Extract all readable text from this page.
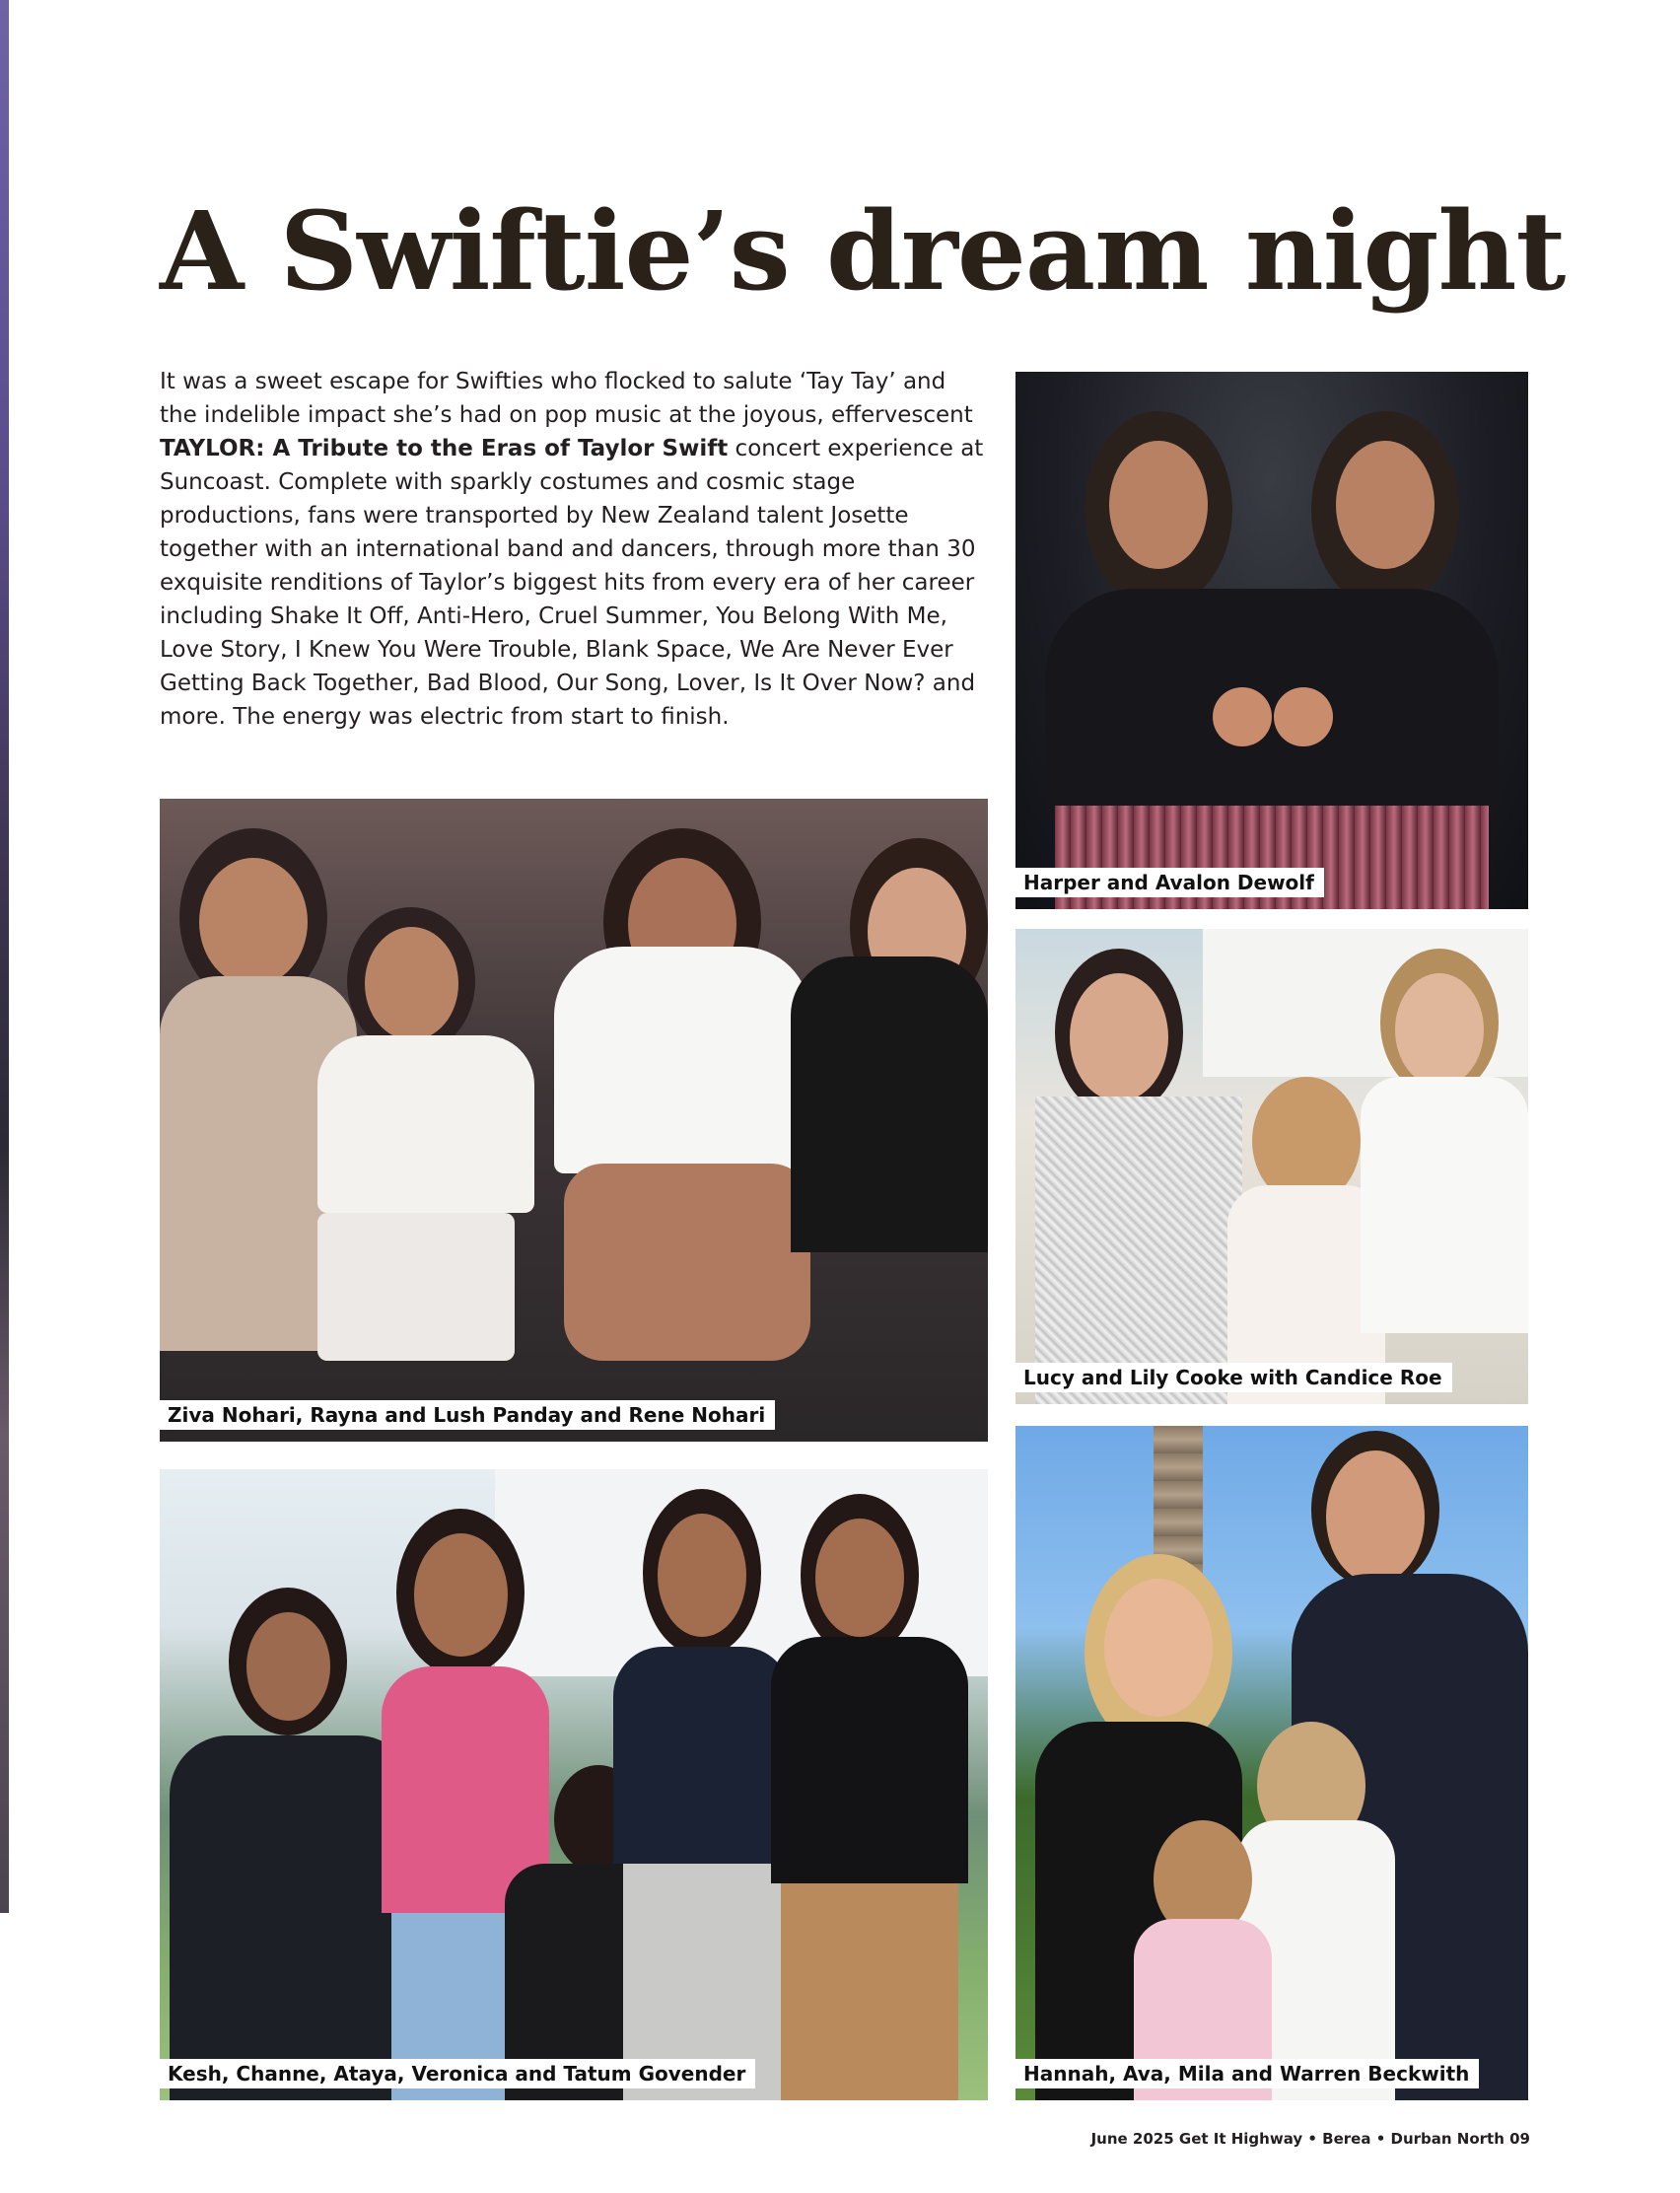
A Swiftie’s dream night

It was a sweet escape for Swifties who flocked to salute ‘Tay Tay’ and the indelible impact she’s had on pop music at the joyous, effervescent TAYLOR: A Tribute to the Eras of Taylor Swift concert experience at Suncoast. Complete with sparkly costumes and cosmic stage productions, fans were transported by New Zealand talent Josette together with an international band and dancers, through more than 30 exquisite renditions of Taylor’s biggest hits from every era of her career including Shake It Off, Anti-Hero, Cruel Summer, You Belong With Me, Love Story, I Knew You Were Trouble, Blank Space, We Are Never Ever Getting Back Together, Bad Blood, Our Song, Lover, Is It Over Now? and more. The energy was electric from start to finish.

Harper and Avalon Dewolf
Ziva Nohari, Rayna and Lush Panday and Rene Nohari
Lucy and Lily Cooke with Candice Roe
Kesh, Channe, Ataya, Veronica and Tatum Govender	Hannah, Ava, Mila and Warren Beckwith
June 2025 Get It Highway • Berea • Durban North 09
